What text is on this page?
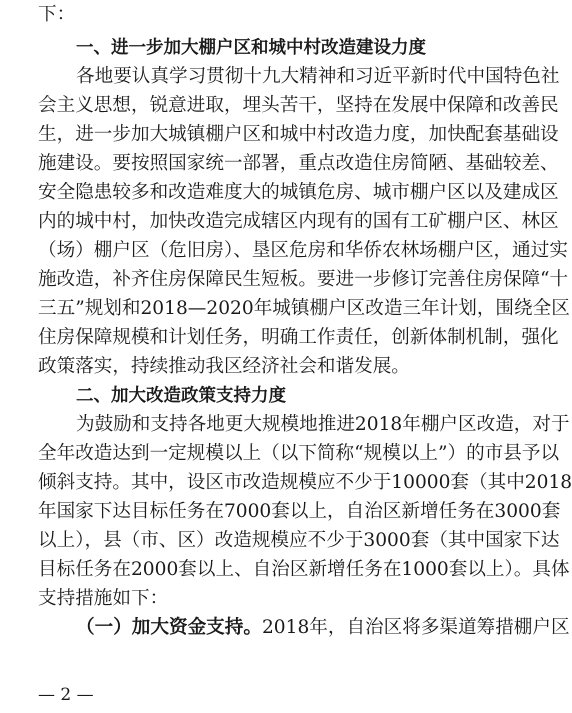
下：
一、进一步加大棚户区和城中村改造建设力度
各地要认真学习贯彻十九大精神和习近平新时代中国特色社
会主义思想，锐意进取，埋头苦干，坚持在发展中保障和改善民
生，进一步加大城镇棚户区和城中村改造力度，加快配套基础设
施建设。要按照国家统一部署，重点改造住房简陋、基础较差、
安全隐患较多和改造难度大的城镇危房、城市棚户区以及建成区
内的城中村，加快改造完成辖区内现有的国有工矿棚户区、林区
（场）棚户区（危旧房）、垦区危房和华侨农林场棚户区，通过实
施改造，补齐住房保障民生短板。要进一步修订完善住房保障“十
三五”规划和2018—2020年城镇棚户区改造三年计划，围绕全区
住房保障规模和计划任务，明确工作责任，创新体制机制，强化
政策落实，持续推动我区经济社会和谐发展。
二、加大改造政策支持力度
为鼓励和支持各地更大规模地推进2018年棚户区改造，对于
全年改造达到一定规模以上（以下简称“规模以上”）的市县予以
倾斜支持。其中，设区市改造规模应不少于10000套（其中2018
年国家下达目标任务在7000套以上，自治区新增任务在3000套
以上），县（市、区）改造规模应不少于3000套（其中国家下达
目标任务在2000套以上、自治区新增任务在1000套以上）。具体
支持措施如下：
（一）加大资金支持。2018年，自治区将多渠道筹措棚户区
— 2 —
